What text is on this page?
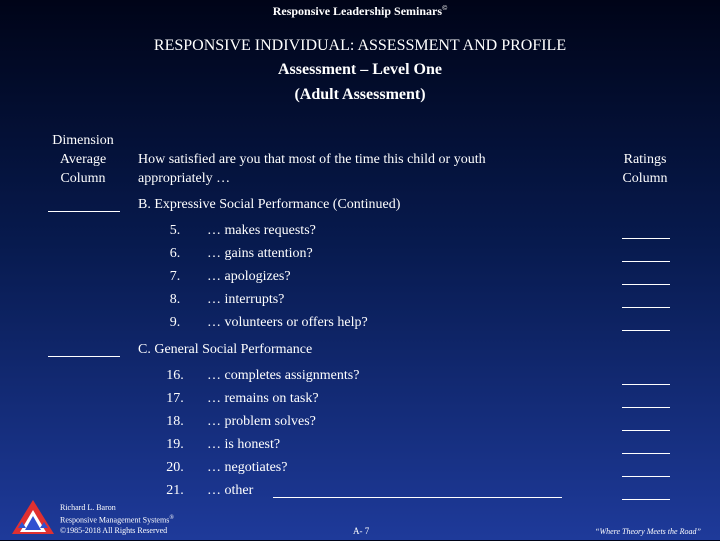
Responsive Leadership Seminars©
RESPONSIVE INDIVIDUAL: ASSESSMENT AND PROFILE
Assessment – Level One
(Adult Assessment)
Dimension
Average
Column
How satisfied are you that most of the time this child or youth
appropriately …
Ratings
Column
B. Expressive Social Performance (Continued)
5.	… makes requests?
6.	… gains attention?
7.	… apologizes?
8.	… interrupts?
9.	… volunteers or offers help?
C. General Social Performance
16.	… completes assignments?
17.	… remains on task?
18.	… problem solves?
19.	… is honest?
20.	… negotiates?
21.	… other
Richard L. Baron
Responsive Management Systems®
©1985-2018 All Rights Reserved	A- 7	“Where Theory Meets the Road”
